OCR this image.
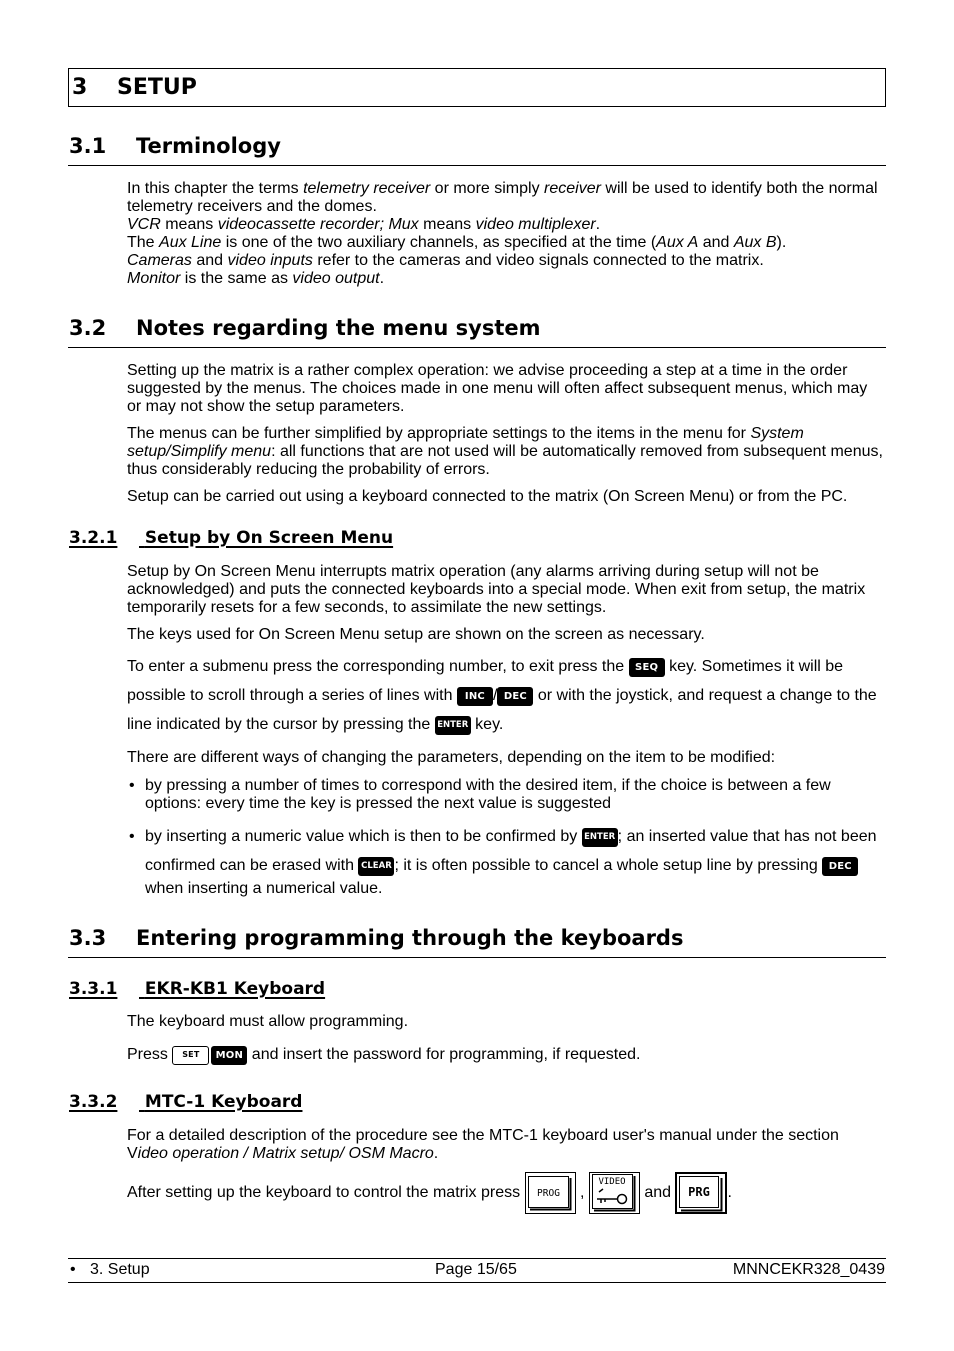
3 SETUP
3.1 Terminology
In this chapter the terms telemetry receiver or more simply receiver will be used to identify both the normal
telemetry receivers and the domes.
VCR means videocassette recorder; Mux means video multiplexer .
The Aux Line is one of the two auxiliary channels, as specified at the time ( Aux A and Aux B ).
Cameras and video inputs refer to the cameras and video signals connected to the matrix.
Monitor is the same as video output .
3.2 Notes regarding the menu system
Setting up the matrix is a rather complex operation: we advise proceeding a step at a time in the order
suggested by the menus. The choices made in one menu will often affect subsequent menus, which may
or may not show the setup parameters.
The menus can be further simplified by appropriate settings to the items in the menu for System
setup/Simplify menu : all functions that are not used will be automatically removed from subsequent menus,
thus considerably reducing the probability of errors.
Setup can be carried out using a keyboard connected to the matrix (On Screen Menu) or from the PC.
3.2.1	Setup by On Screen Menu
Setup by On Screen Menu interrupts matrix operation (any alarms arriving during setup will not be
acknowledged) and puts the connected keyboards into a special mode. When exit from setup, the matrix
temporarily resets for a few seconds, to assimilate the new settings.
The keys used for On Screen Menu setup are shown on the screen as necessary.
To enter a submenu press the corresponding number, to exit press the SEQ key. Sometimes it will be
possible to scroll through a series of lines with INC / DEC or with the joystick, and request a change to the
line indicated by the cursor by pressing the ENTER key.
There are different ways of changing the parameters, depending on the item to be modified:
• by pressing a number of times to correspond with the desired item, if the choice is between a few
options: every time the key is pressed the next value is suggested
• by inserting a numeric value which is then to be confirmed by ENTER ; an inserted value that has not been
confirmed can be erased with CLEAR ; it is often possible to cancel a whole setup line by pressing DEC
when inserting a numerical value.
3.3 Entering programming through the keyboards
3.3.1	EKR-KB1 Keyboard
The keyboard must allow programming.
Press	SET	MON and insert the password for programming, if requested.
3.3.2	MTC-1 Keyboard
For a detailed description of the procedure see the MTC-1 keyboard user's manual under the section
V ideo operation / Matrix setup/ OSM Macro .
After setting up the keyboard to control the matrix press PROG ,
VIDEO
and PRG .
• 3. Setup	Page 15/65	MNNCEKR328_0439
